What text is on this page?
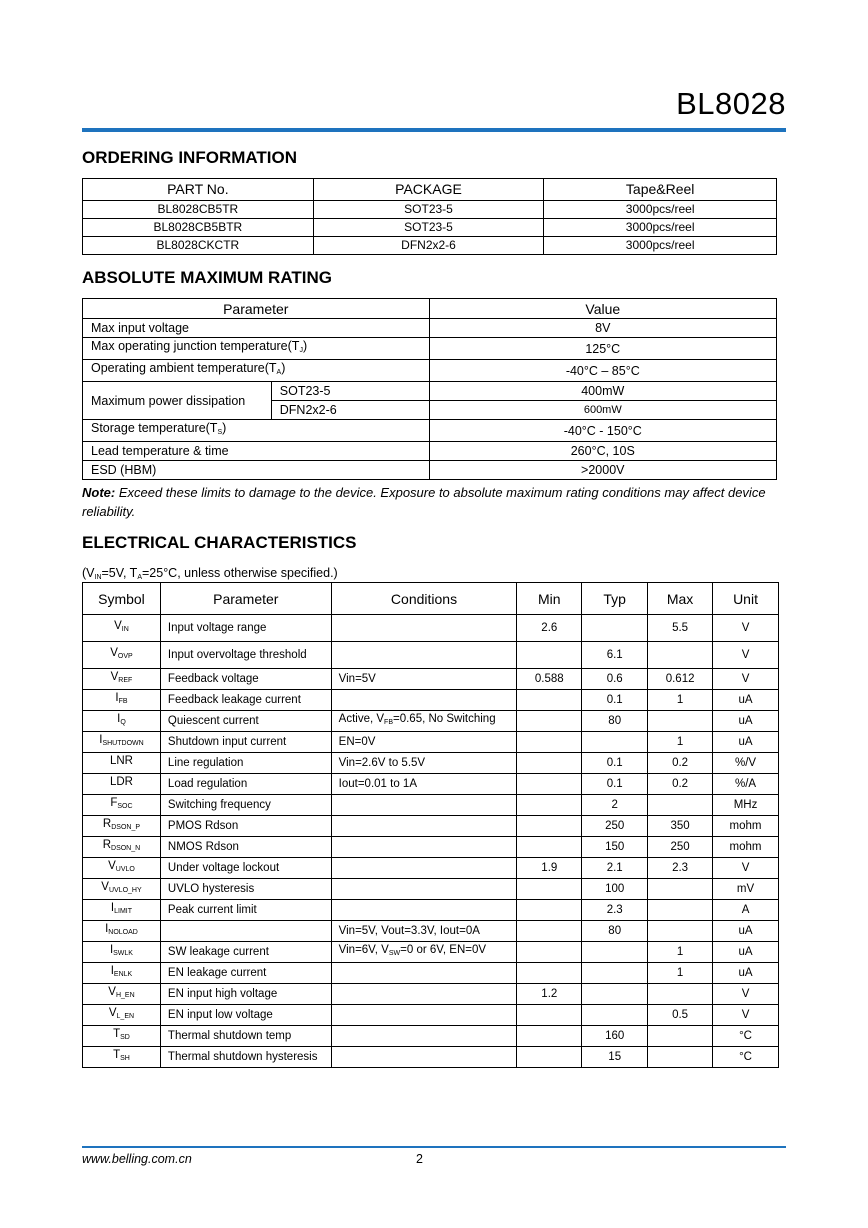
BL8028
ORDERING INFORMATION
PART No.	PACKAGE	Tape&Reel
BL8028CB5TR	SOT23-5	3000pcs/reel
BL8028CB5BTR	SOT23-5	3000pcs/reel
BL8028CKCTR	DFN2x2-6	3000pcs/reel
ABSOLUTE MAXIMUM RATING
Parameter		Value
Max input voltage		8V
Max operating junction $temperature(T_J)$		125°C
Operating ambient $temperature(T_A)$		-40°C – 85°C
Maximum power dissipation	SOT23-5	400mW
	DFN2x2-6	600mW
Storage $temperature(T_S)$		-40°C - 150°C
Lead temperature & time		260°C, 10S
ESD (HBM)		>2000V
Note: Exceed these limits to damage to the device. Exposure to absolute maximum rating conditions may affect device reliability.
ELECTRICAL CHARACTERISTICS
($V_{IN}=5V$, $T_A=25^\circ C$, unless otherwise specified.)
Symbol	Parameter	Conditions	Min	Typ	Max	Unit
$V_{IN}$	Input voltage range		2.6		5.5	V
$V_{OVP}$	Input overvoltage threshold			6.1		V
$V_{REF}$	Feedback voltage	Vin=5V	0.588	0.6	0.612	V
$I_{FB}$	Feedback leakage current			0.1	1	uA
$I_Q$	Quiescent current	Active, $V_{FB}=0.65$, No Switching		80		uA
$I_{SHUTDOWN}$	Shutdown input current	EN=0V			1	uA
LNR	Line regulation	Vin=2.6V to 5.5V		0.1	0.2	%/V
LDR	Load regulation	Iout=0.01 to 1A		0.1	0.2	%/A
$F_{SOC}$	Switching frequency			2		MHz
$R_{DSON\_P}$	PMOS Rdson			250	350	mohm
$R_{DSON\_N}$	NMOS Rdson			150	250	mohm
$V_{UVLO}$	Under voltage lockout		1.9	2.1	2.3	V
$V_{UVLO\_HY}$	UVLO hysteresis			100		mV
$I_{LIMIT}$	Peak current limit			2.3		A
$I_{NOLOAD}$		Vin=5V, Vout=3.3V, Iout=0A		80		uA
$I_{SWLK}$	SW leakage current	Vin=6V, $V_{SW}=0$ or 6V, EN=0V			1	uA
$I_{ENLK}$	EN leakage current				1	uA
$V_{H\_EN}$	EN input high voltage		1.2			V
$V_{L\_EN}$	EN input low voltage				0.5	V
$T_{SD}$	Thermal shutdown temp			160		°C
$T_{SH}$	Thermal shutdown hysteresis			15		°C
www.belling.com.cn	2
